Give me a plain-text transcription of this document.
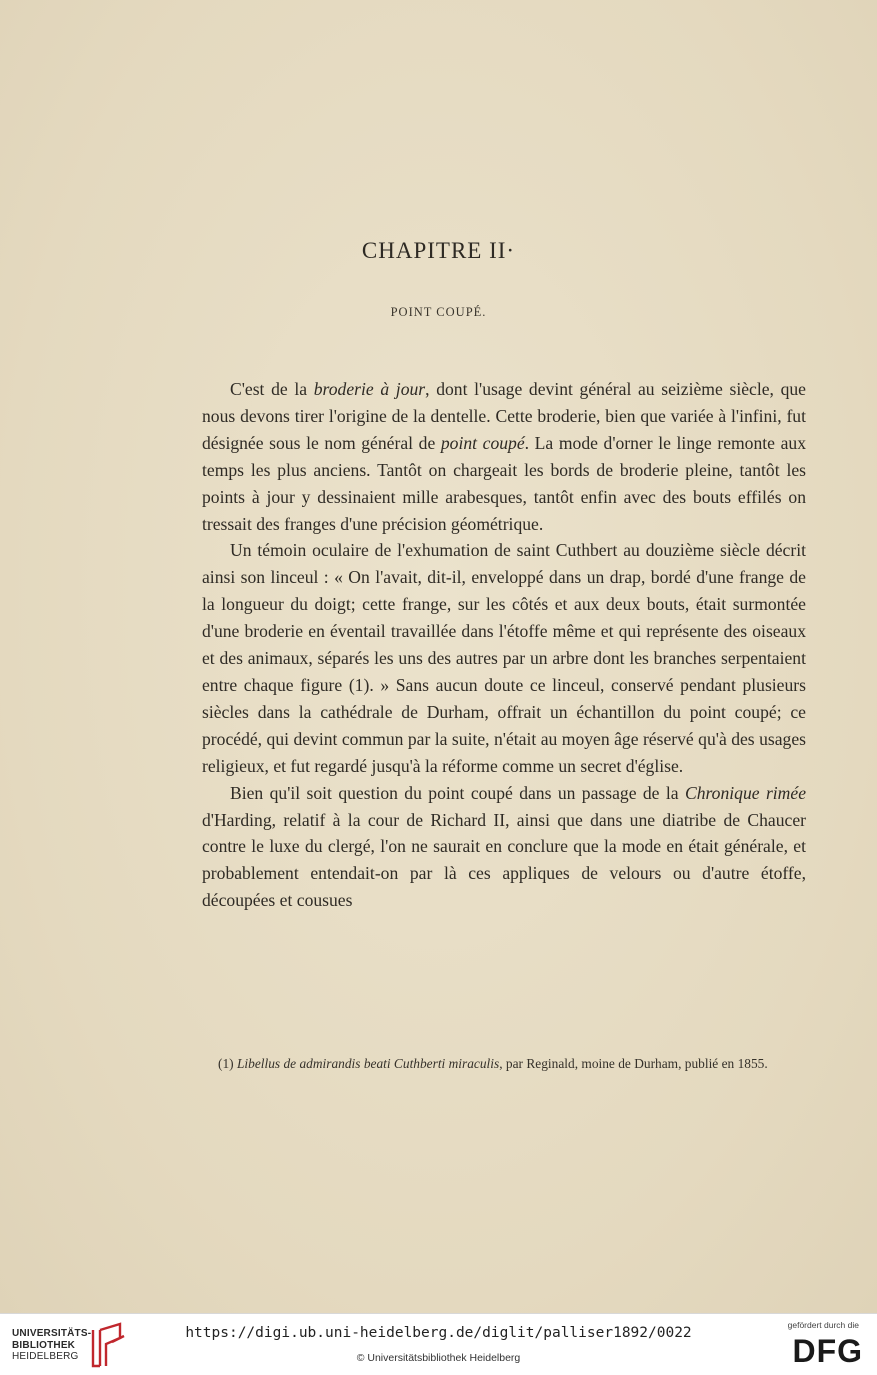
CHAPITRE II·
POINT COUPÉ.

C'est de la broderie à jour, dont l'usage devint général au seizième siècle, que nous devons tirer l'origine de la dentelle. Cette broderie, bien que variée à l'infini, fut désignée sous le nom général de point coupé. La mode d'orner le linge remonte aux temps les plus anciens. Tantôt on chargeait les bords de broderie pleine, tantôt les points à jour y dessinaient mille arabesques, tantôt enfin avec des bouts effilés on tressait des franges d'une précision géométrique.

Un témoin oculaire de l'exhumation de saint Cuthbert au douzième siècle décrit ainsi son linceul : « On l'avait, dit-il, enveloppé dans un drap, bordé d'une frange de la longueur du doigt; cette frange, sur les côtés et aux deux bouts, était surmontée d'une broderie en éventail travaillée dans l'étoffe même et qui représente des oiseaux et des animaux, séparés les uns des autres par un arbre dont les branches serpentaient entre chaque figure (1). » Sans aucun doute ce linceul, conservé pendant plusieurs siècles dans la cathédrale de Durham, offrait un échantillon du point coupé; ce procédé, qui devint commun par la suite, n'était au moyen âge réservé qu'à des usages religieux, et fut regardé jusqu'à la réforme comme un secret d'église.

Bien qu'il soit question du point coupé dans un passage de la Chronique rimée d'Harding, relatif à la cour de Richard II, ainsi que dans une diatribe de Chaucer contre le luxe du clergé, l'on ne saurait en conclure que la mode en était générale, et probablement entendait-on par là ces appliques de velours ou d'autre étoffe, découpées et cousues

(1) Libellus de admirandis beati Cuthberti miraculis, par Reginald, moine de Durham, publié en 1855.

UNIVERSITÄTS-
BIBLIOTHEK
HEIDELBERG
https://digi.ub.uni-heidelberg.de/diglit/palliser1892/0022
© Universitätsbibliothek Heidelberg
gefördert durch die
DFG
